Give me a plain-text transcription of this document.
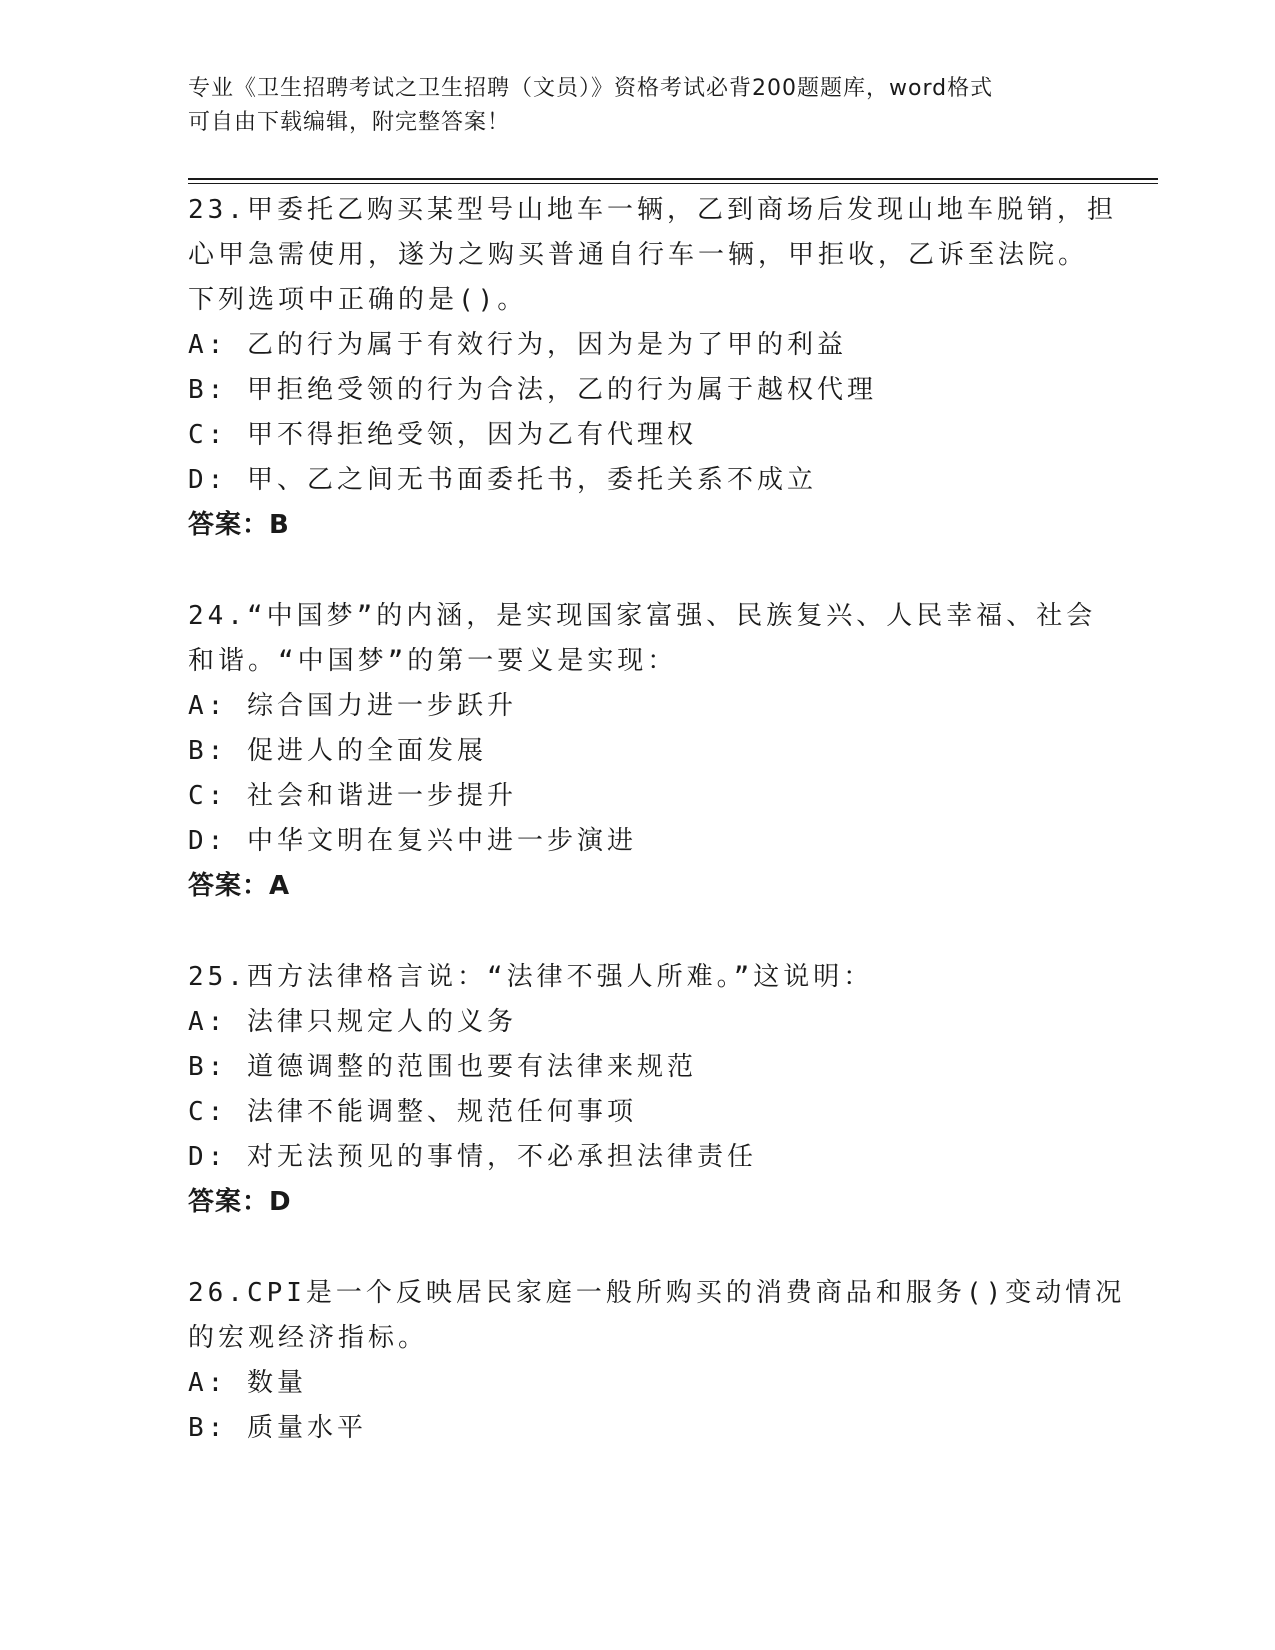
专业《卫生招聘考试之卫生招聘（文员）》资格考试必背200题题库，word格式
可自由下载编辑，附完整答案！
23.甲委托乙购买某型号山地车一辆，乙到商场后发现山地车脱销，担
心甲急需使用，遂为之购买普通自行车一辆，甲拒收，乙诉至法院。
下列选项中正确的是()。
A: 乙的行为属于有效行为，因为是为了甲的利益
B: 甲拒绝受领的行为合法，乙的行为属于越权代理
C: 甲不得拒绝受领，因为乙有代理权
D: 甲、乙之间无书面委托书，委托关系不成立
答案：B
24.“中国梦”的内涵，是实现国家富强、民族复兴、人民幸福、社会
和谐。“中国梦”的第一要义是实现：
A: 综合国力进一步跃升
B: 促进人的全面发展
C: 社会和谐进一步提升
D: 中华文明在复兴中进一步演进
答案：A
25.西方法律格言说：“法律不强人所难。”这说明：
A: 法律只规定人的义务
B: 道德调整的范围也要有法律来规范
C: 法律不能调整、规范任何事项
D: 对无法预见的事情，不必承担法律责任
答案：D
26.CPI是一个反映居民家庭一般所购买的消费商品和服务()变动情况
的宏观经济指标。
A: 数量
B: 质量水平
